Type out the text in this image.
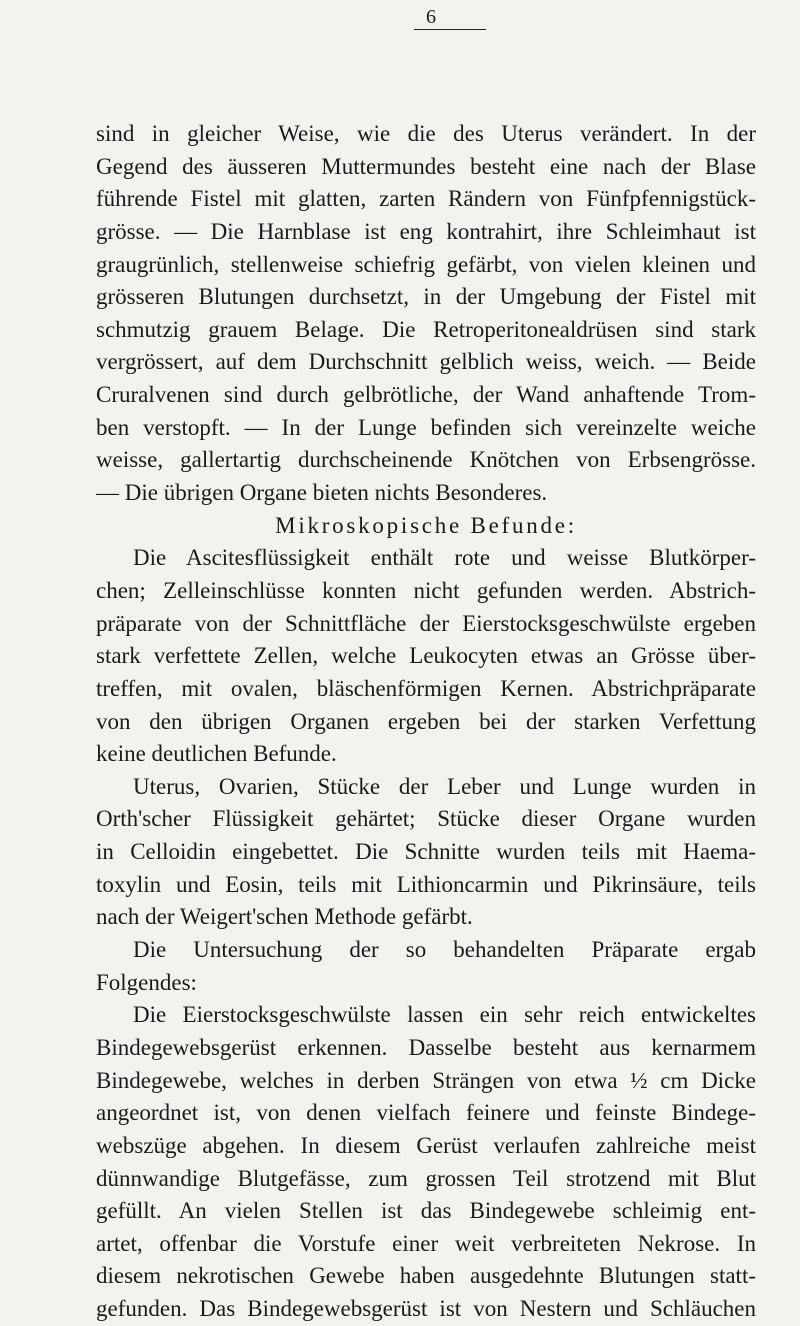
6
sind in gleicher Weise, wie die des Uterus verändert. In der
Gegend des äusseren Muttermundes besteht eine nach der Blase
führende Fistel mit glatten, zarten Rändern von Fünfpfennigstück-
grösse. — Die Harnblase ist eng kontrahirt, ihre Schleimhaut ist
graugrünlich, stellenweise schiefrig gefärbt, von vielen kleinen und
grösseren Blutungen durchsetzt, in der Umgebung der Fistel mit
schmutzig grauem Belage. Die Retroperitonealdrüsen sind stark
vergrössert, auf dem Durchschnitt gelblich weiss, weich. — Beide
Cruralvenen sind durch gelbrötliche, der Wand anhaftende Trom-
ben verstopft. — In der Lunge befinden sich vereinzelte weiche
weisse, gallertartig durchscheinende Knötchen von Erbsengrösse.
— Die übrigen Organe bieten nichts Besonderes.
Mikroskopische Befunde:
Die Ascitesflüssigkeit enthält rote und weisse Blutkörper-
chen; Zelleinschlüsse konnten nicht gefunden werden. Abstrich-
präparate von der Schnittfläche der Eierstocksgeschwülste ergeben
stark verfettete Zellen, welche Leukocyten etwas an Grösse über-
treffen, mit ovalen, bläschenförmigen Kernen. Abstrichpräparate
von den übrigen Organen ergeben bei der starken Verfettung
keine deutlichen Befunde.
Uterus, Ovarien, Stücke der Leber und Lunge wurden in
Orth'scher Flüssigkeit gehärtet; Stücke dieser Organe wurden
in Celloidin eingebettet. Die Schnitte wurden teils mit Haema-
toxylin und Eosin, teils mit Lithioncarmin und Pikrinsäure, teils
nach der Weigert'schen Methode gefärbt.
Die Untersuchung der so behandelten Präparate ergab
Folgendes:
Die Eierstocksgeschwülste lassen ein sehr reich entwickeltes
Bindegewebsgerüst erkennen. Dasselbe besteht aus kernarmem
Bindegewebe, welches in derben Strängen von etwa ½ cm Dicke
angeordnet ist, von denen vielfach feinere und feinste Bindege-
webszüge abgehen. In diesem Gerüst verlaufen zahlreiche meist
dünnwandige Blutgefässe, zum grossen Teil strotzend mit Blut
gefüllt. An vielen Stellen ist das Bindegewebe schleimig ent-
artet, offenbar die Vorstufe einer weit verbreiteten Nekrose. In
diesem nekrotischen Gewebe haben ausgedehnte Blutungen statt-
gefunden. Das Bindegewebsgerüst ist von Nestern und Schläuchen
